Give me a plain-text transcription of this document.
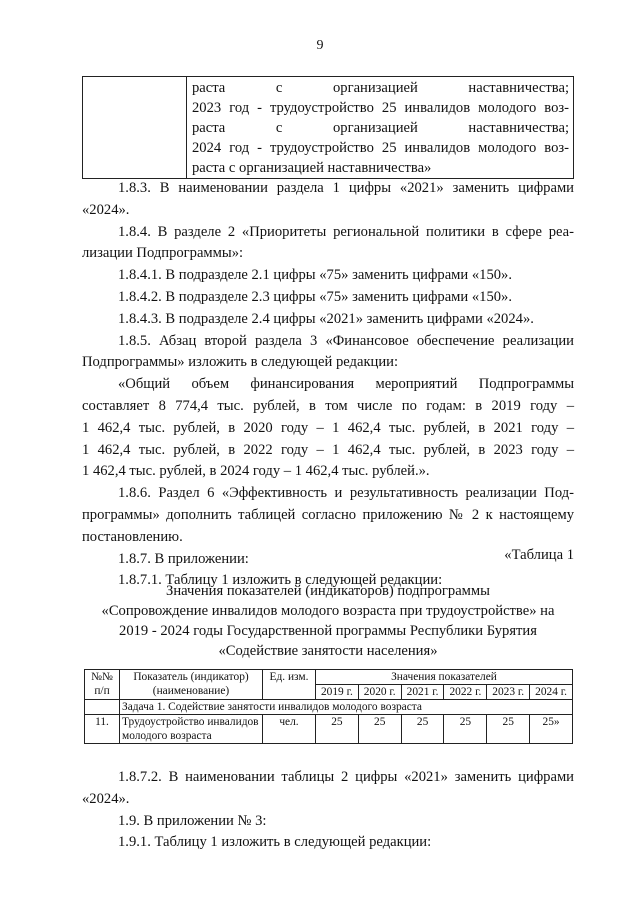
9

раста с организацией наставничества;
2023 год - трудоустройство 25 инвалидов молодого воз-
раста с организацией наставничества;
2024 год - трудоустройство 25 инвалидов молодого воз-
раста с организацией наставничества»
1.8.3. В наименовании раздела 1 цифры «2021» заменить цифрами
«2024».
1.8.4. В разделе 2 «Приоритеты региональной политики в сфере реа-
лизации Подпрограммы»:
1.8.4.1. В подразделе 2.1 цифры «75» заменить цифрами «150».
1.8.4.2. В подразделе 2.3 цифры «75» заменить цифрами «150».
1.8.4.3. В подразделе 2.4 цифры «2021» заменить цифрами «2024».
1.8.5. Абзац второй раздела 3 «Финансовое обеспечение реализации
Подпрограммы» изложить в следующей редакции:
«Общий объем финансирования мероприятий Подпрограммы
составляет 8 774,4 тыс. рублей, в том числе по годам: в 2019 году –
1 462,4 тыс. рублей, в 2020 году – 1 462,4 тыс. рублей, в 2021 году –
1 462,4 тыс. рублей, в 2022 году – 1 462,4 тыс. рублей, в 2023 году –
1 462,4 тыс. рублей, в 2024 году – 1 462,4 тыс. рублей.».
1.8.6. Раздел 6 «Эффективность и результативность реализации Под-
программы» дополнить таблицей согласно приложению № 2 к настоящему
постановлению.
1.8.7. В приложении:
1.8.7.1. Таблицу 1 изложить в следующей редакции:
«Таблица 1
Значения показателей (индикаторов) подпрограммы
«Сопровождение инвалидов молодого возраста при трудоустройстве» на
2019 - 2024 годы Государственной программы Республики Бурятия
«Содействие занятости населения»
№№ п/п	Показатель (индикатор) (наименование)	Ед. изм.	Значения показателей					
			2019 г.	2020 г.	2021 г.	2022 г.	2023 г.	2024 г.
	Задача 1. Содействие занятости инвалидов молодого возраста							
11.	Трудоустройство инвалидов молодого возраста	чел.	25	25	25	25	25	25»
1.8.7.2. В наименовании таблицы 2 цифры «2021» заменить цифрами
«2024».
1.9. В приложении № 3:
1.9.1. Таблицу 1 изложить в следующей редакции:
